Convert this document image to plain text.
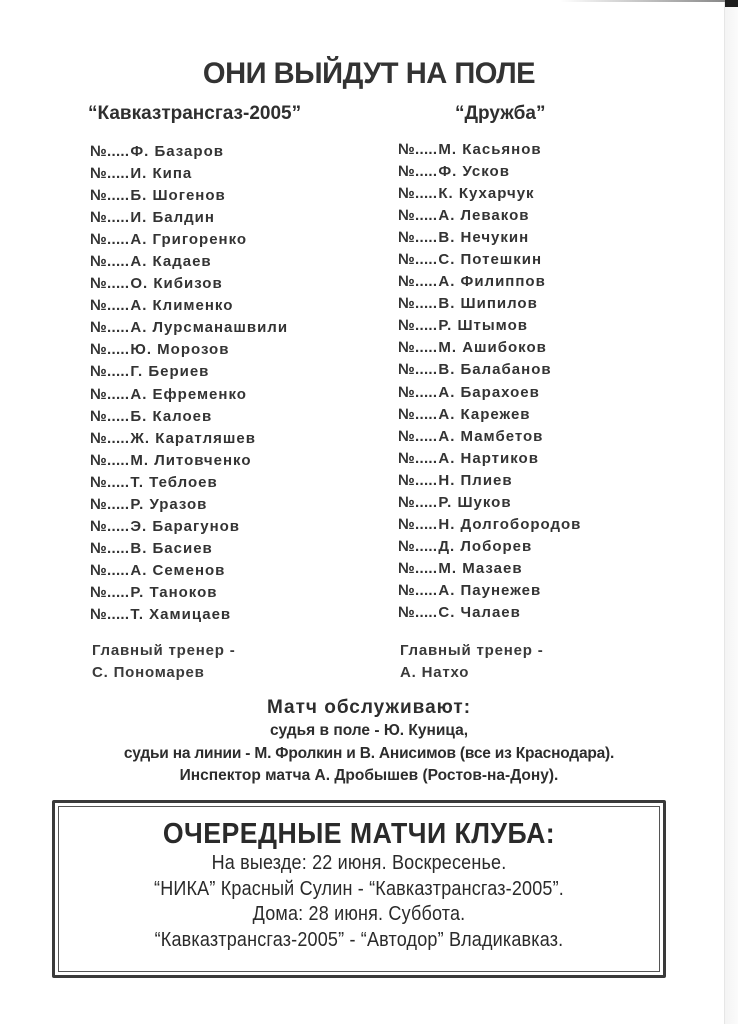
ОНИ ВЫЙДУТ НА ПОЛЕ
“Кавказтрансгаз-2005”	“Дружба”
№.....Ф. Базаров
№.....И. Кипа
№.....Б. Шогенов
№.....И. Балдин
№.....А. Григоренко
№.....А. Кадаев
№.....О. Кибизов
№.....А. Клименко
№.....А. Лурсманашвили
№.....Ю. Морозов
№.....Г. Бериев
№.....А. Ефременко
№.....Б. Калоев
№.....Ж. Каратляшев
№.....М. Литовченко
№.....Т. Теблоев
№.....Р. Уразов
№.....Э. Барагунов
№.....В. Басиев
№.....А. Семенов
№.....Р. Таноков
№.....Т. Хамицаев
№.....М. Касьянов
№.....Ф. Усков
№.....К. Кухарчук
№.....А. Леваков
№.....В. Нечукин
№.....С. Потешкин
№.....А. Филиппов
№.....В. Шипилов
№.....Р. Штымов
№.....М. Ашибоков
№.....В. Балабанов
№.....А. Барахоев
№.....А. Карежев
№.....А. Мамбетов
№.....А. Нартиков
№.....Н. Плиев
№.....Р. Шуков
№.....Н. Долгобородов
№.....Д. Лоборев
№.....М. Мазаев
№.....А. Паунежев
№.....С. Чалаев
Главный тренер -
С. Пономарев
Главный тренер -
А. Натхо
Матч обслуживают:
судья в поле - Ю. Куница,
судьи на линии - М. Фролкин и В. Анисимов (все из Краснодара).
Инспектор матча А. Дробышев (Ростов-на-Дону).
ОЧЕРЕДНЫЕ МАТЧИ КЛУБА:
На выезде: 22 июня. Воскресенье.
“НИКА” Красный Сулин - “Кавказтрансгаз-2005”.
Дома: 28 июня. Суббота.
“Кавказтрансгаз-2005” - “Автодор” Владикавказ.
